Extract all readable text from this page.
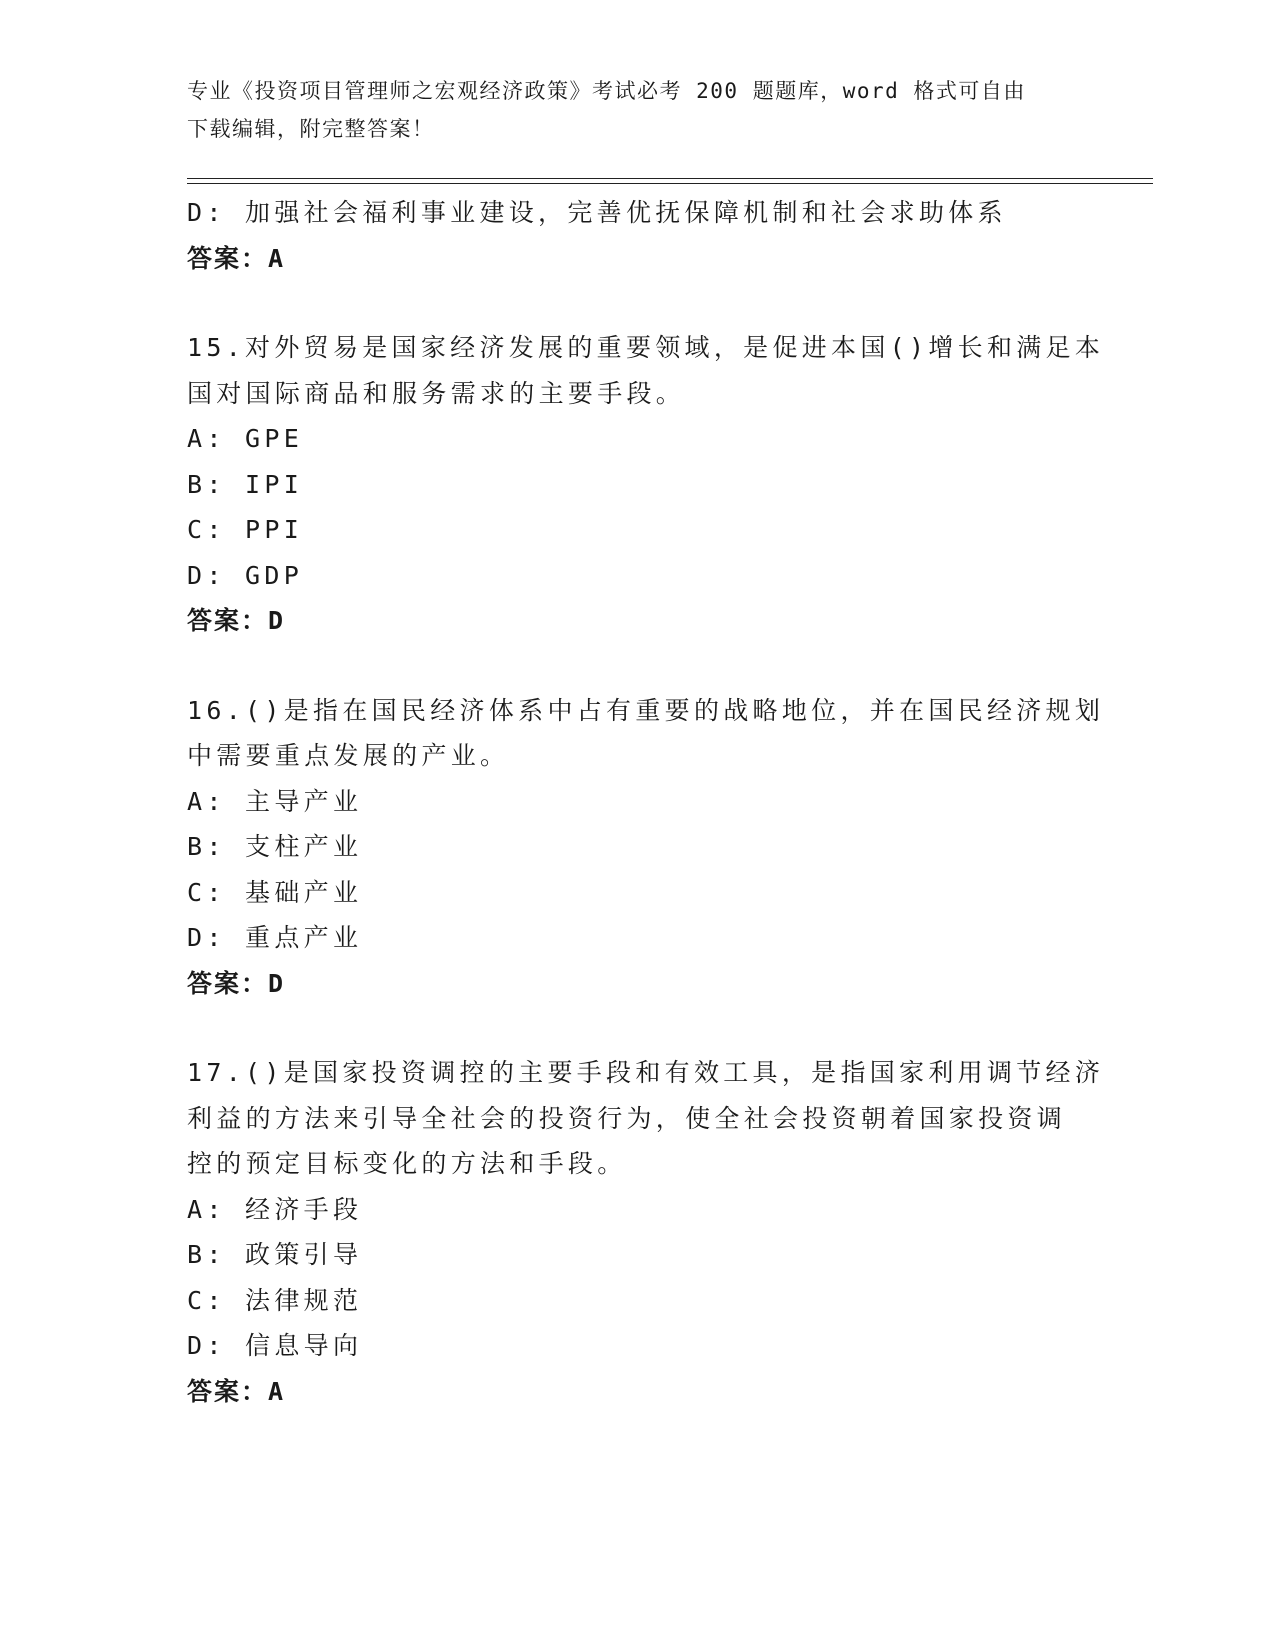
专业《投资项目管理师之宏观经济政策》考试必考 200 题题库，word 格式可自由
下载编辑，附完整答案！
D: 加强社会福利事业建设，完善优抚保障机制和社会求助体系
答案：A
15.对外贸易是国家经济发展的重要领域，是促进本国()增长和满足本
国对国际商品和服务需求的主要手段。
A: GPE
B: IPI
C: PPI
D: GDP
答案：D
16.()是指在国民经济体系中占有重要的战略地位，并在国民经济规划
中需要重点发展的产业。
A: 主导产业
B: 支柱产业
C: 基础产业
D: 重点产业
答案：D
17.()是国家投资调控的主要手段和有效工具，是指国家利用调节经济
利益的方法来引导全社会的投资行为，使全社会投资朝着国家投资调
控的预定目标变化的方法和手段。
A: 经济手段
B: 政策引导
C: 法律规范
D: 信息导向
答案：A
